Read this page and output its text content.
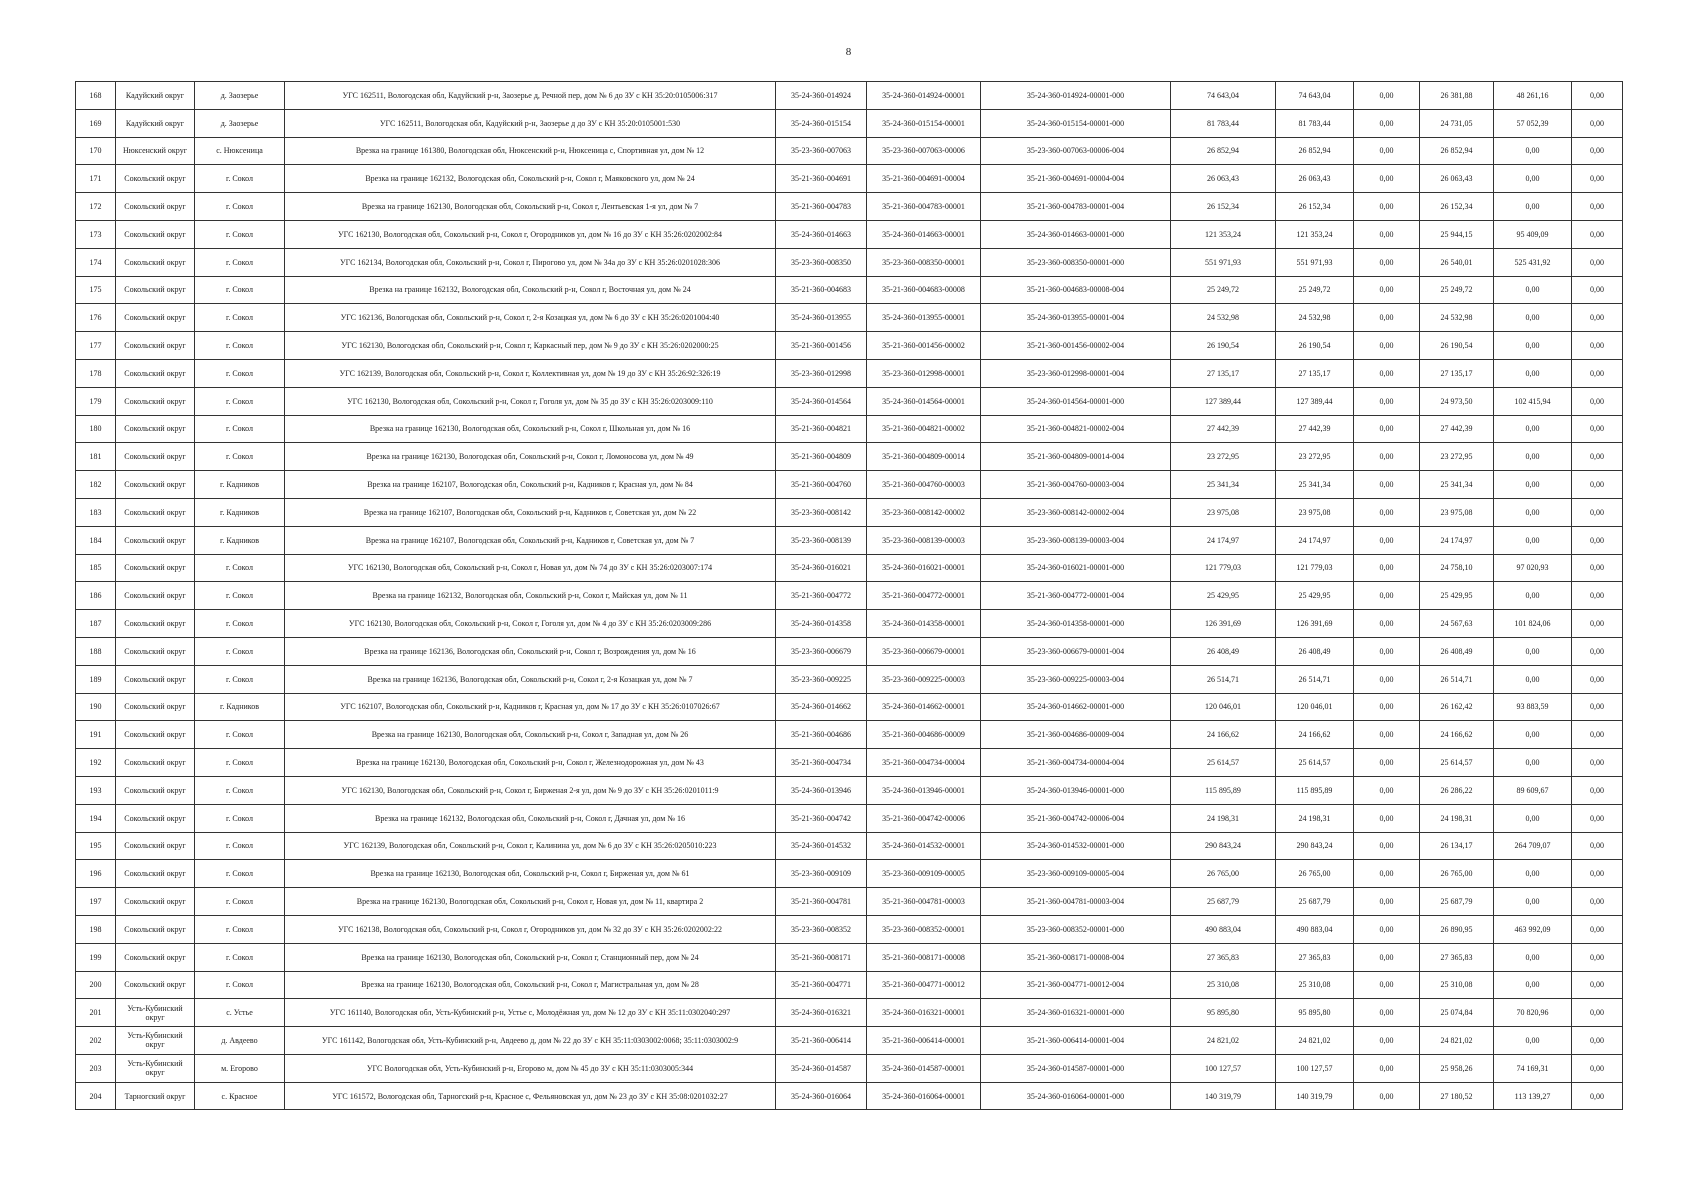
8
168	Кадуйский округ	д. Заозерье	УГС 162511, Вологодская обл, Кадуйский р-н, Заозерье д, Речной пер, дом № 6 до ЗУ с КН 35:20:0105006:317	35-24-360-014924	35-24-360-014924-00001	35-24-360-014924-00001-000	74 643,04	74 643,04	0,00	26 381,88	48 261,16	0,00
169	Кадуйский округ	д. Заозерье	УГС 162511, Вологодская обл, Кадуйский р-н, Заозерье д до ЗУ с КН 35:20:0105001:530	35-24-360-015154	35-24-360-015154-00001	35-24-360-015154-00001-000	81 783,44	81 783,44	0,00	24 731,05	57 052,39	0,00
170	Нюксенский округ	с. Нюксеница	Врезка на границе 161380, Вологодская обл, Нюксенский р-н, Нюксеница с, Спортивная ул, дом № 12	35-23-360-007063	35-23-360-007063-00006	35-23-360-007063-00006-004	26 852,94	26 852,94	0,00	26 852,94	0,00	0,00
171	Сокольский округ	г. Сокол	Врезка на границе 162132, Вологодская обл, Сокольский р-н, Сокол г, Маяковского ул, дом № 24	35-21-360-004691	35-21-360-004691-00004	35-21-360-004691-00004-004	26 063,43	26 063,43	0,00	26 063,43	0,00	0,00
172	Сокольский округ	г. Сокол	Врезка на границе 162130, Вологодская обл, Сокольский р-н, Сокол г, Лентьевская 1-я ул, дом № 7	35-21-360-004783	35-21-360-004783-00001	35-21-360-004783-00001-004	26 152,34	26 152,34	0,00	26 152,34	0,00	0,00
173	Сокольский округ	г. Сокол	УГС 162130, Вологодская обл, Сокольский р-н, Сокол г, Огородников ул, дом № 16 до ЗУ с КН 35:26:0202002:84	35-24-360-014663	35-24-360-014663-00001	35-24-360-014663-00001-000	121 353,24	121 353,24	0,00	25 944,15	95 409,09	0,00
174	Сокольский округ	г. Сокол	УГС 162134, Вологодская обл, Сокольский р-н, Сокол г, Пирогово ул, дом № 34а до ЗУ с КН 35:26:0201028:306	35-23-360-008350	35-23-360-008350-00001	35-23-360-008350-00001-000	551 971,93	551 971,93	0,00	26 540,01	525 431,92	0,00
175	Сокольский округ	г. Сокол	Врезка на границе 162132, Вологодская обл, Сокольский р-н, Сокол г, Восточная ул, дом № 24	35-21-360-004683	35-21-360-004683-00008	35-21-360-004683-00008-004	25 249,72	25 249,72	0,00	25 249,72	0,00	0,00
176	Сокольский округ	г. Сокол	УГС 162136, Вологодская обл, Сокольский р-н, Сокол г, 2-я Козацкая ул, дом № 6 до ЗУ с КН 35:26:0201004:40	35-24-360-013955	35-24-360-013955-00001	35-24-360-013955-00001-004	24 532,98	24 532,98	0,00	24 532,98	0,00	0,00
177	Сокольский округ	г. Сокол	УГС 162130, Вологодская обл, Сокольский р-н, Сокол г, Каркасный пер, дом № 9 до ЗУ с КН 35:26:0202000:25	35-21-360-001456	35-21-360-001456-00002	35-21-360-001456-00002-004	26 190,54	26 190,54	0,00	26 190,54	0,00	0,00
178	Сокольский округ	г. Сокол	УГС 162139, Вологодская обл, Сокольский р-н, Сокол г, Коллективная ул, дом № 19 до ЗУ с КН 35:26:92:326:19	35-23-360-012998	35-23-360-012998-00001	35-23-360-012998-00001-004	27 135,17	27 135,17	0,00	27 135,17	0,00	0,00
179	Сокольский округ	г. Сокол	УГС 162130, Вологодская обл, Сокольский р-н, Сокол г, Гоголя ул, дом № 35 до ЗУ с КН 35:26:0203009:110	35-24-360-014564	35-24-360-014564-00001	35-24-360-014564-00001-000	127 389,44	127 389,44	0,00	24 973,50	102 415,94	0,00
180	Сокольский округ	г. Сокол	Врезка на границе 162130, Вологодская обл, Сокольский р-н, Сокол г, Школьная ул, дом № 16	35-21-360-004821	35-21-360-004821-00002	35-21-360-004821-00002-004	27 442,39	27 442,39	0,00	27 442,39	0,00	0,00
181	Сокольский округ	г. Сокол	Врезка на границе 162130, Вологодская обл, Сокольский р-н, Сокол г, Ломоносова ул, дом № 49	35-21-360-004809	35-21-360-004809-00014	35-21-360-004809-00014-004	23 272,95	23 272,95	0,00	23 272,95	0,00	0,00
182	Сокольский округ	г. Кадников	Врезка на границе 162107, Вологодская обл, Сокольский р-н, Кадников г, Красная ул, дом № 84	35-21-360-004760	35-21-360-004760-00003	35-21-360-004760-00003-004	25 341,34	25 341,34	0,00	25 341,34	0,00	0,00
183	Сокольский округ	г. Кадников	Врезка на границе 162107, Вологодская обл, Сокольский р-н, Кадников г, Советская ул, дом № 22	35-23-360-008142	35-23-360-008142-00002	35-23-360-008142-00002-004	23 975,08	23 975,08	0,00	23 975,08	0,00	0,00
184	Сокольский округ	г. Кадников	Врезка на границе 162107, Вологодская обл, Сокольский р-н, Кадников г, Советская ул, дом № 7	35-23-360-008139	35-23-360-008139-00003	35-23-360-008139-00003-004	24 174,97	24 174,97	0,00	24 174,97	0,00	0,00
185	Сокольский округ	г. Сокол	УГС 162130, Вологодская обл, Сокольский р-н, Сокол г, Новая ул, дом № 74 до ЗУ с КН 35:26:0203007:174	35-24-360-016021	35-24-360-016021-00001	35-24-360-016021-00001-000	121 779,03	121 779,03	0,00	24 758,10	97 020,93	0,00
186	Сокольский округ	г. Сокол	Врезка на границе 162132, Вологодская обл, Сокольский р-н, Сокол г, Майская ул, дом № 11	35-21-360-004772	35-21-360-004772-00001	35-21-360-004772-00001-004	25 429,95	25 429,95	0,00	25 429,95	0,00	0,00
187	Сокольский округ	г. Сокол	УГС 162130, Вологодская обл, Сокольский р-н, Сокол г, Гоголя ул, дом № 4 до ЗУ с КН 35:26:0203009:286	35-24-360-014358	35-24-360-014358-00001	35-24-360-014358-00001-000	126 391,69	126 391,69	0,00	24 567,63	101 824,06	0,00
188	Сокольский округ	г. Сокол	Врезка на границе 162136, Вологодская обл, Сокольский р-н, Сокол г, Возрождения ул, дом № 16	35-23-360-006679	35-23-360-006679-00001	35-23-360-006679-00001-004	26 408,49	26 408,49	0,00	26 408,49	0,00	0,00
189	Сокольский округ	г. Сокол	Врезка на границе 162136, Вологодская обл, Сокольский р-н, Сокол г, 2-я Козацкая ул, дом № 7	35-23-360-009225	35-23-360-009225-00003	35-23-360-009225-00003-004	26 514,71	26 514,71	0,00	26 514,71	0,00	0,00
190	Сокольский округ	г. Кадников	УГС 162107, Вологодская обл, Сокольский р-н, Кадников г, Красная ул, дом № 17 до ЗУ с КН 35:26:0107026:67	35-24-360-014662	35-24-360-014662-00001	35-24-360-014662-00001-000	120 046,01	120 046,01	0,00	26 162,42	93 883,59	0,00
191	Сокольский округ	г. Сокол	Врезка на границе 162130, Вологодская обл, Сокольский р-н, Сокол г, Западная ул, дом № 26	35-21-360-004686	35-21-360-004686-00009	35-21-360-004686-00009-004	24 166,62	24 166,62	0,00	24 166,62	0,00	0,00
192	Сокольский округ	г. Сокол	Врезка на границе 162130, Вологодская обл, Сокольский р-н, Сокол г, Железнодорожная ул, дом № 43	35-21-360-004734	35-21-360-004734-00004	35-21-360-004734-00004-004	25 614,57	25 614,57	0,00	25 614,57	0,00	0,00
193	Сокольский округ	г. Сокол	УГС 162130, Вологодская обл, Сокольский р-н, Сокол г, Бирженая 2-я ул, дом № 9 до ЗУ с КН 35:26:0201011:9	35-24-360-013946	35-24-360-013946-00001	35-24-360-013946-00001-000	115 895,89	115 895,89	0,00	26 286,22	89 609,67	0,00
194	Сокольский округ	г. Сокол	Врезка на границе 162132, Вологодская обл, Сокольский р-н, Сокол г, Дачная ул, дом № 16	35-21-360-004742	35-21-360-004742-00006	35-21-360-004742-00006-004	24 198,31	24 198,31	0,00	24 198,31	0,00	0,00
195	Сокольский округ	г. Сокол	УГС 162139, Вологодская обл, Сокольский р-н, Сокол г, Калинина ул, дом № 6 до ЗУ с КН 35:26:0205010:223	35-24-360-014532	35-24-360-014532-00001	35-24-360-014532-00001-000	290 843,24	290 843,24	0,00	26 134,17	264 709,07	0,00
196	Сокольский округ	г. Сокол	Врезка на границе 162130, Вологодская обл, Сокольский р-н, Сокол г, Бирженая ул, дом № 61	35-23-360-009109	35-23-360-009109-00005	35-23-360-009109-00005-004	26 765,00	26 765,00	0,00	26 765,00	0,00	0,00
197	Сокольский округ	г. Сокол	Врезка на границе 162130, Вологодская обл, Сокольский р-н, Сокол г, Новая ул, дом № 11, квартира 2	35-21-360-004781	35-21-360-004781-00003	35-21-360-004781-00003-004	25 687,79	25 687,79	0,00	25 687,79	0,00	0,00
198	Сокольский округ	г. Сокол	УГС 162138, Вологодская обл, Сокольский р-н, Сокол г, Огородников ул, дом № 32 до ЗУ с КН 35:26:0202002:22	35-23-360-008352	35-23-360-008352-00001	35-23-360-008352-00001-000	490 883,04	490 883,04	0,00	26 890,95	463 992,09	0,00
199	Сокольский округ	г. Сокол	Врезка на границе 162130, Вологодская обл, Сокольский р-н, Сокол г, Станционный пер, дом № 24	35-21-360-008171	35-21-360-008171-00008	35-21-360-008171-00008-004	27 365,83	27 365,83	0,00	27 365,83	0,00	0,00
200	Сокольский округ	г. Сокол	Врезка на границе 162130, Вологодская обл, Сокольский р-н, Сокол г, Магистральная ул, дом № 28	35-21-360-004771	35-21-360-004771-00012	35-21-360-004771-00012-004	25 310,08	25 310,08	0,00	25 310,08	0,00	0,00
201	Усть-Кубинский округ	с. Устье	УГС 161140, Вологодская обл, Усть-Кубинский р-н, Устье с, Молодёжная ул, дом № 12 до ЗУ с КН 35:11:0302040:297	35-24-360-016321	35-24-360-016321-00001	35-24-360-016321-00001-000	95 895,80	95 895,80	0,00	25 074,84	70 820,96	0,00
202	Усть-Кубинский округ	д. Авдеево	УГС 161142, Вологодская обл, Усть-Кубинский р-н, Авдеево д, дом № 22 до ЗУ с КН 35:11:0303002:0068; 35:11:0303002:9	35-21-360-006414	35-21-360-006414-00001	35-21-360-006414-00001-004	24 821,02	24 821,02	0,00	24 821,02	0,00	0,00
203	Усть-Кубинский округ	м. Егорово	УГС Вологодская обл, Усть-Кубинский р-н, Егорово м, дом № 45 до ЗУ с КН 35:11:0303005:344	35-24-360-014587	35-24-360-014587-00001	35-24-360-014587-00001-000	100 127,57	100 127,57	0,00	25 958,26	74 169,31	0,00
204	Тарногский округ	с. Красное	УГС 161572, Вологодская обл, Тарногский р-н, Красное с, Фельяновская ул, дом № 23 до ЗУ с КН 35:08:0201032:27	35-24-360-016064	35-24-360-016064-00001	35-24-360-016064-00001-000	140 319,79	140 319,79	0,00	27 180,52	113 139,27	0,00
